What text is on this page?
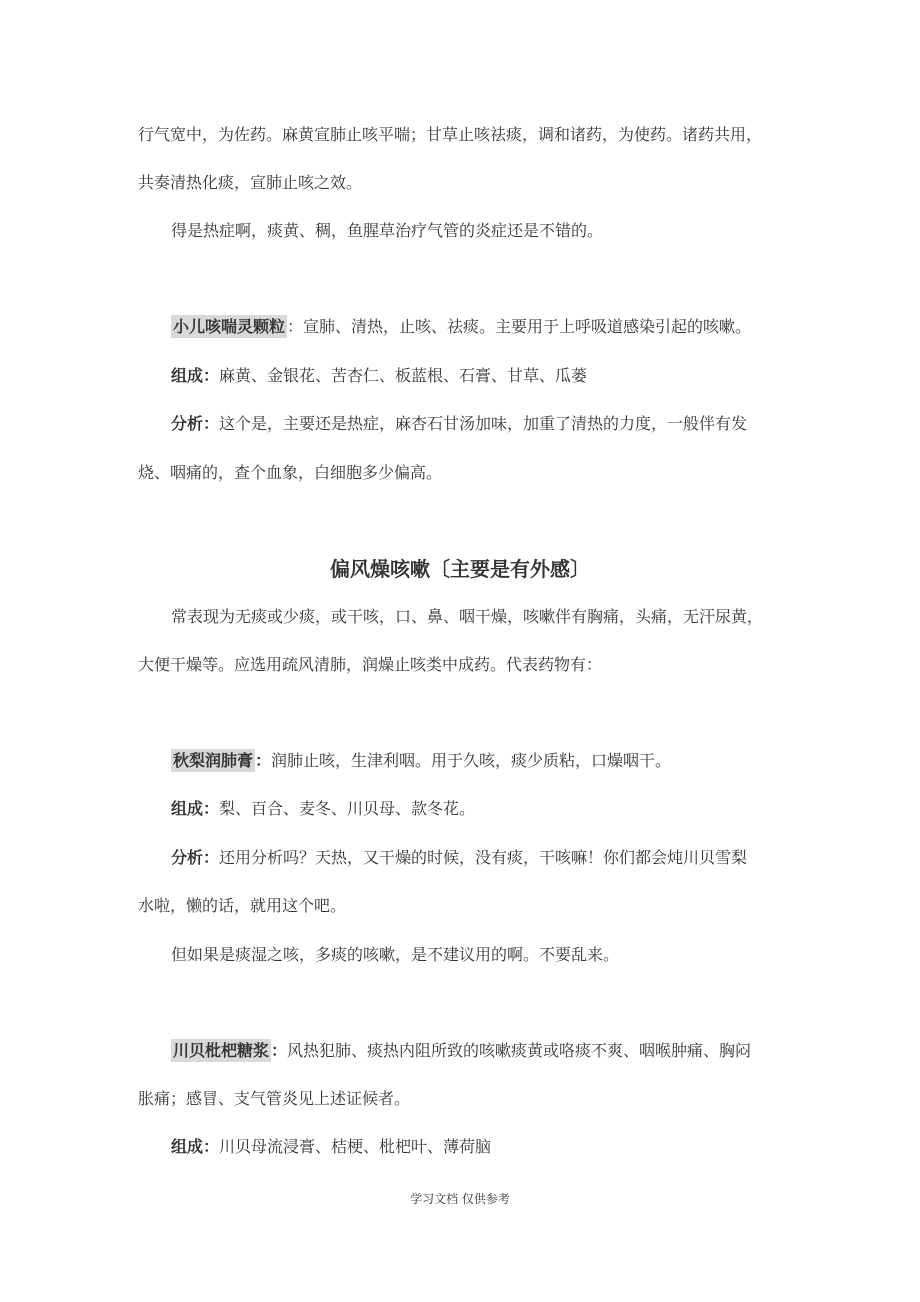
行气宽中，为佐药。麻黄宣肺止咳平喘；甘草止咳祛痰，调和诸药，为使药。诸药共用，
共奏清热化痰，宣肺止咳之效。
得是热症啊，痰黄、稠，鱼腥草治疗气管的炎症还是不错的。
小儿咳喘灵颗粒 ：宣肺、清热，止咳、祛痰。主要用于上呼吸道感染引起的咳嗽。
组成：麻黄、金银花、苦杏仁、板蓝根、石膏、甘草、瓜蒌
分析：这个是，主要还是热症，麻杏石甘汤加味，加重了清热的力度，一般伴有发
烧、咽痛的，查个血象，白细胞多少偏高。
偏风燥咳嗽〔主要是有外感〕
常表现为无痰或少痰，或干咳，口、鼻、咽干燥，咳嗽伴有胸痛，头痛，无汗尿黄，
大便干燥等。应选用疏风清肺，润燥止咳类中成药。代表药物有：
秋梨润肺膏 ：润肺止咳，生津利咽。用于久咳，痰少质粘，口燥咽干。
组成：梨、百合、麦冬、川贝母、款冬花。
分析：还用分析吗？天热，又干燥的时候，没有痰，干咳嘛！你们都会炖川贝雪梨
水啦，懒的话，就用这个吧。
但如果是痰湿之咳，多痰的咳嗽，是不建议用的啊。不要乱来。
川贝枇杷糖浆 ：风热犯肺、痰热内阻所致的咳嗽痰黄或咯痰不爽、咽喉肿痛、胸闷
胀痛；感冒、支气管炎见上述证候者。
组成：川贝母流浸膏、桔梗、枇杷叶、薄荷脑
学习文档 仅供参考
